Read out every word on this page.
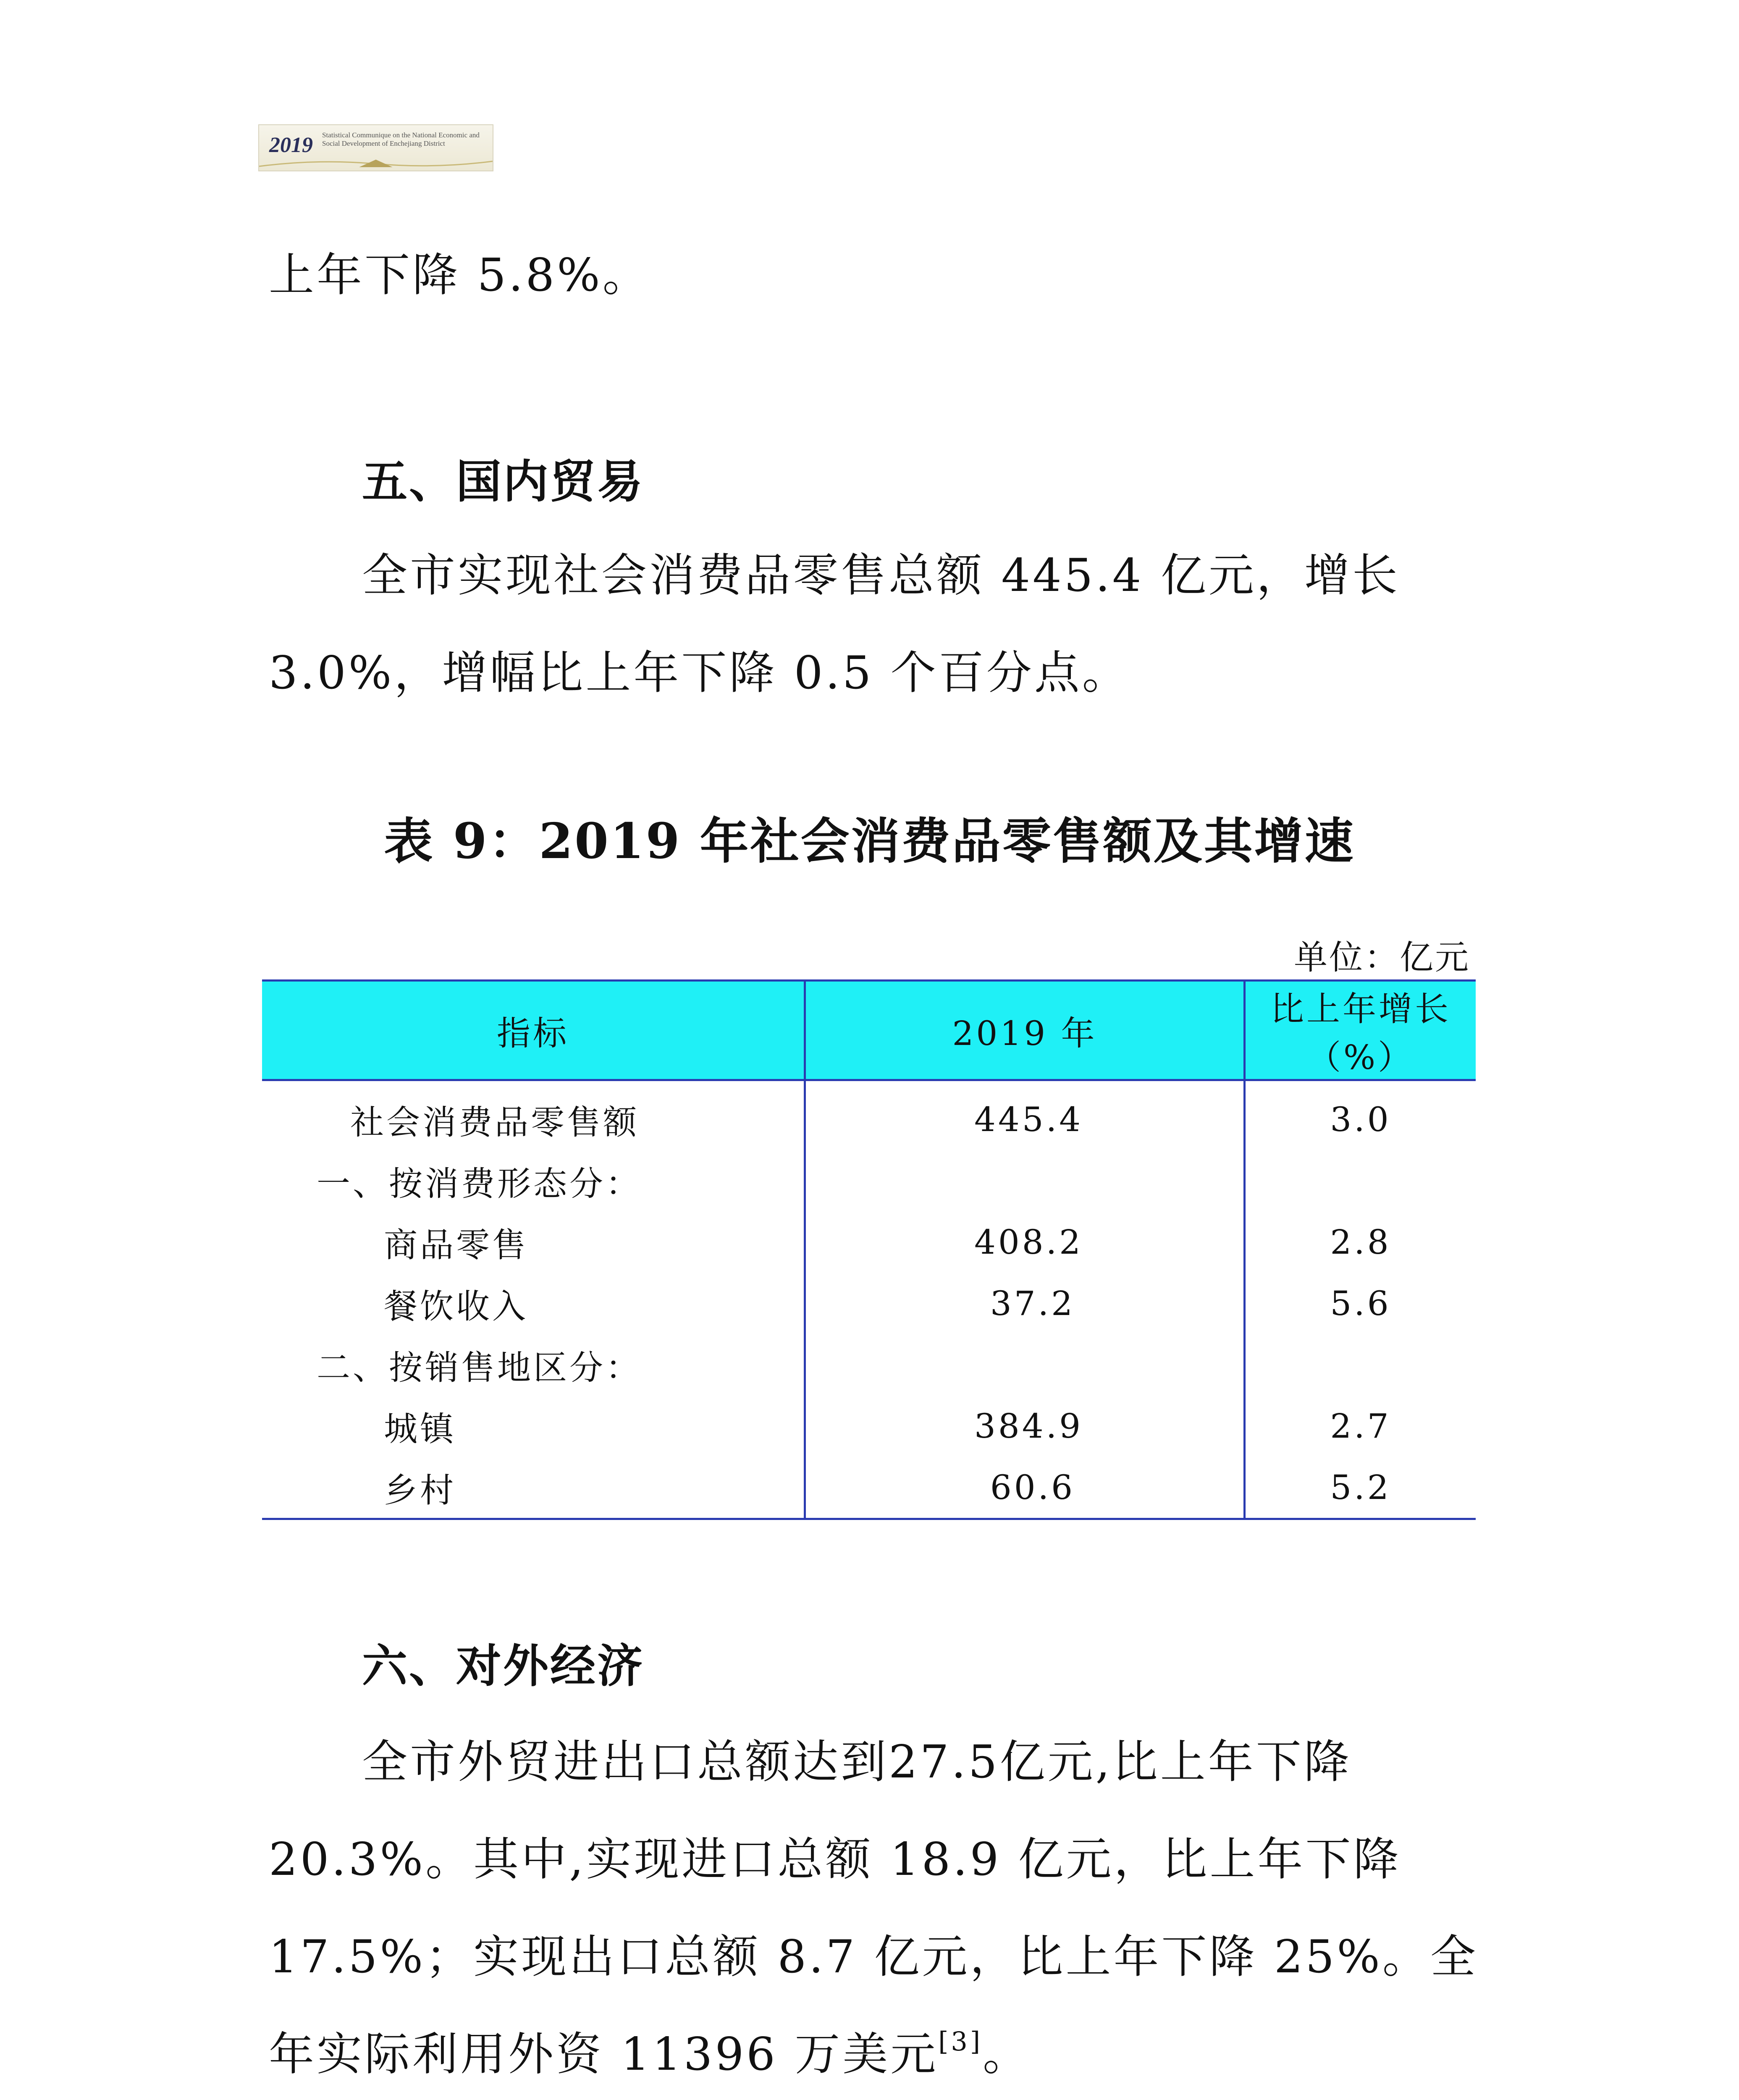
2019 Statistical Communique on the National Economic and Social Development of Enchejiang District

上年下降 5.8%。

五、国内贸易

全市实现社会消费品零售总额 445.4 亿元，增长 3.0%，增幅比上年下降 0.5 个百分点。

表 9：2019 年社会消费品零售额及其增速
单位：亿元
指标	2019 年	比上年增长（%）
社会消费品零售额	445.4	3.0
一、按消费形态分：		
商品零售	408.2	2.8
餐饮收入	37.2	5.6
二、按销售地区分：		
城镇	384.9	2.7
乡村	60.6	5.2
六、对外经济

全市外贸进出口总额达到27.5亿元,比上年下降20.3%。其中,实现进口总额 18.9 亿元，比上年下降 17.5%；实现出口总额 8.7 亿元，比上年下降 25%。全年实际利用外资 11396 万美元[3]。
